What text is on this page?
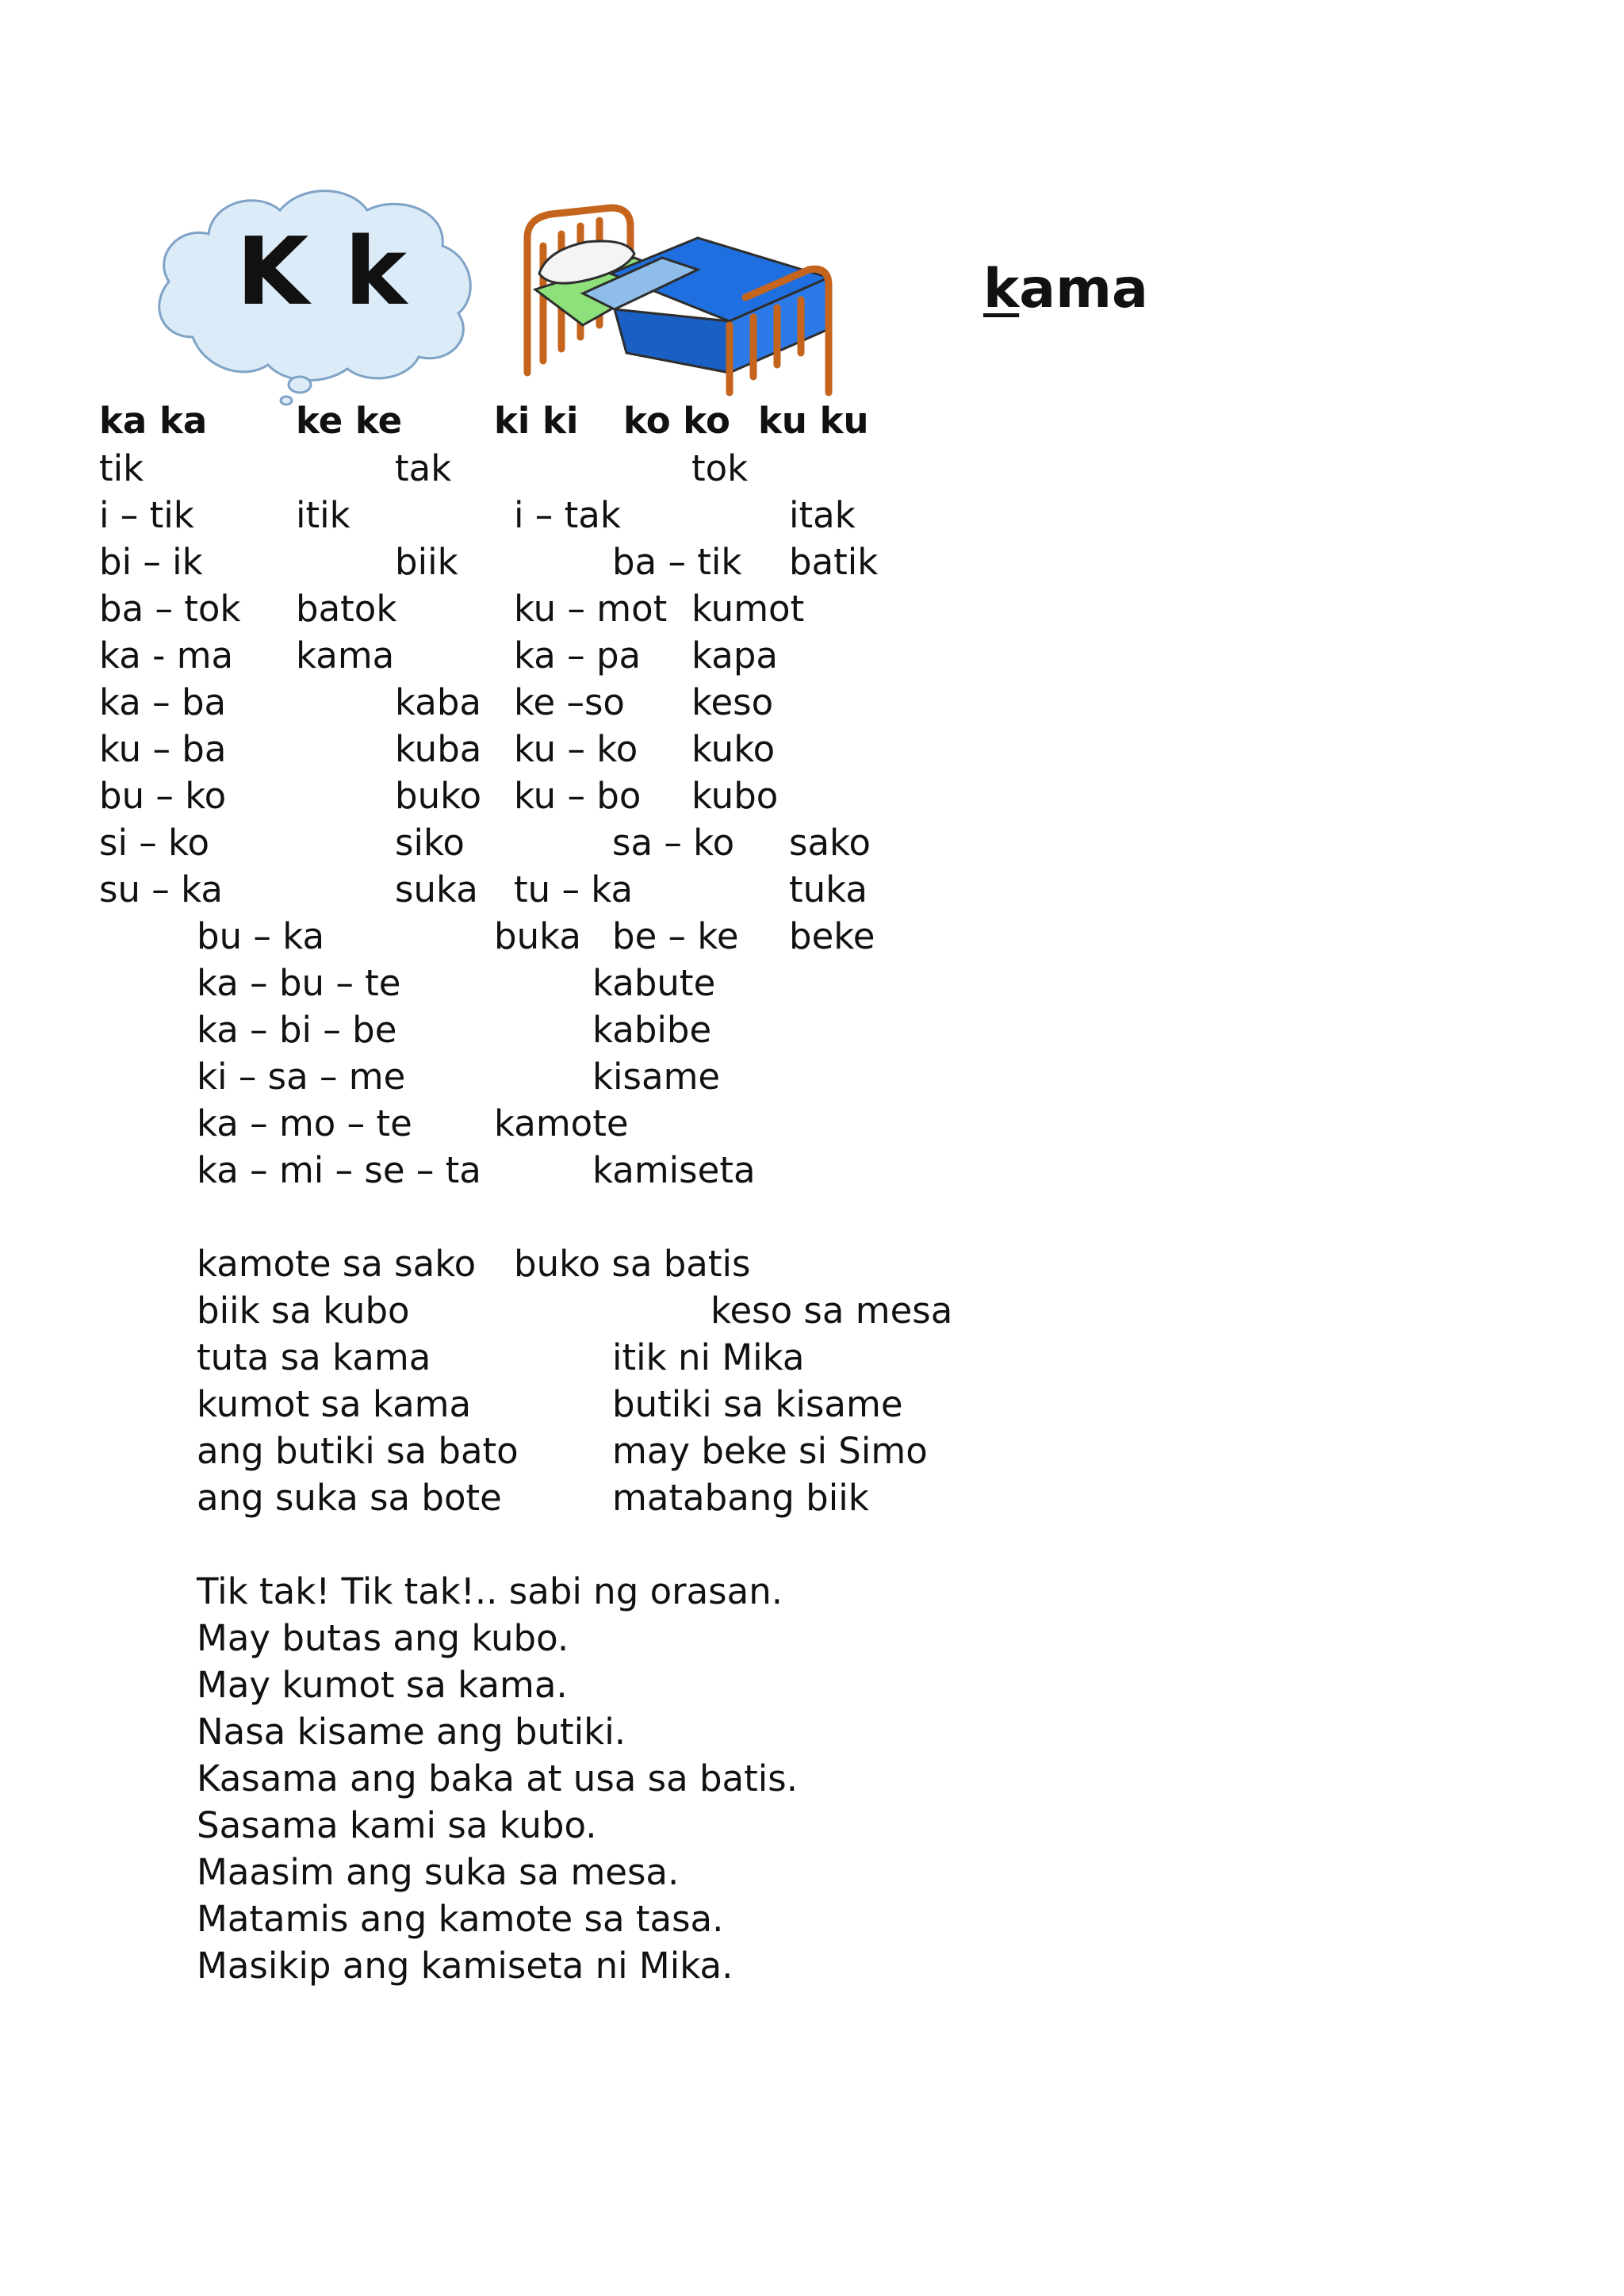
K k	kama
ka ka ke ke	ki ki ko ko ku ku
tik	tak	tok
i – tik	itik	i – tak	itak
bi – ik	biik	ba – tik batik
ba – tok batok	ku – mot kumot
ka - ma kama	ka – pa kapa
ka – ba	kaba ke –so keso
ku – ba	kuba ku – ko kuko
bu – ko	buko ku – bo kubo
si – ko	siko	sa – ko sako
su – ka	suka tu – ka	tuka
bu – ka	buka be – ke beke
ka – bu – te	kabute
ka – bi – be	kabibe
ki – sa – me	kisame
ka – mo – te kamote
ka – mi – se – ta	kamiseta
kamote sa sako buko sa batis
biik sa kubo	keso sa mesa
tuta sa kama	itik ni Mika
kumot sa kama	butiki sa kisame
ang butiki sa bato	may beke si Simo
ang suka sa bote	matabang biik
Tik tak! Tik tak!.. sabi ng orasan.
May butas ang kubo.
May kumot sa kama.
Nasa kisame ang butiki.
Kasama ang baka at usa sa batis.
Sasama kami sa kubo.
Maasim ang suka sa mesa.
Matamis ang kamote sa tasa.
Masikip ang kamiseta ni Mika.
